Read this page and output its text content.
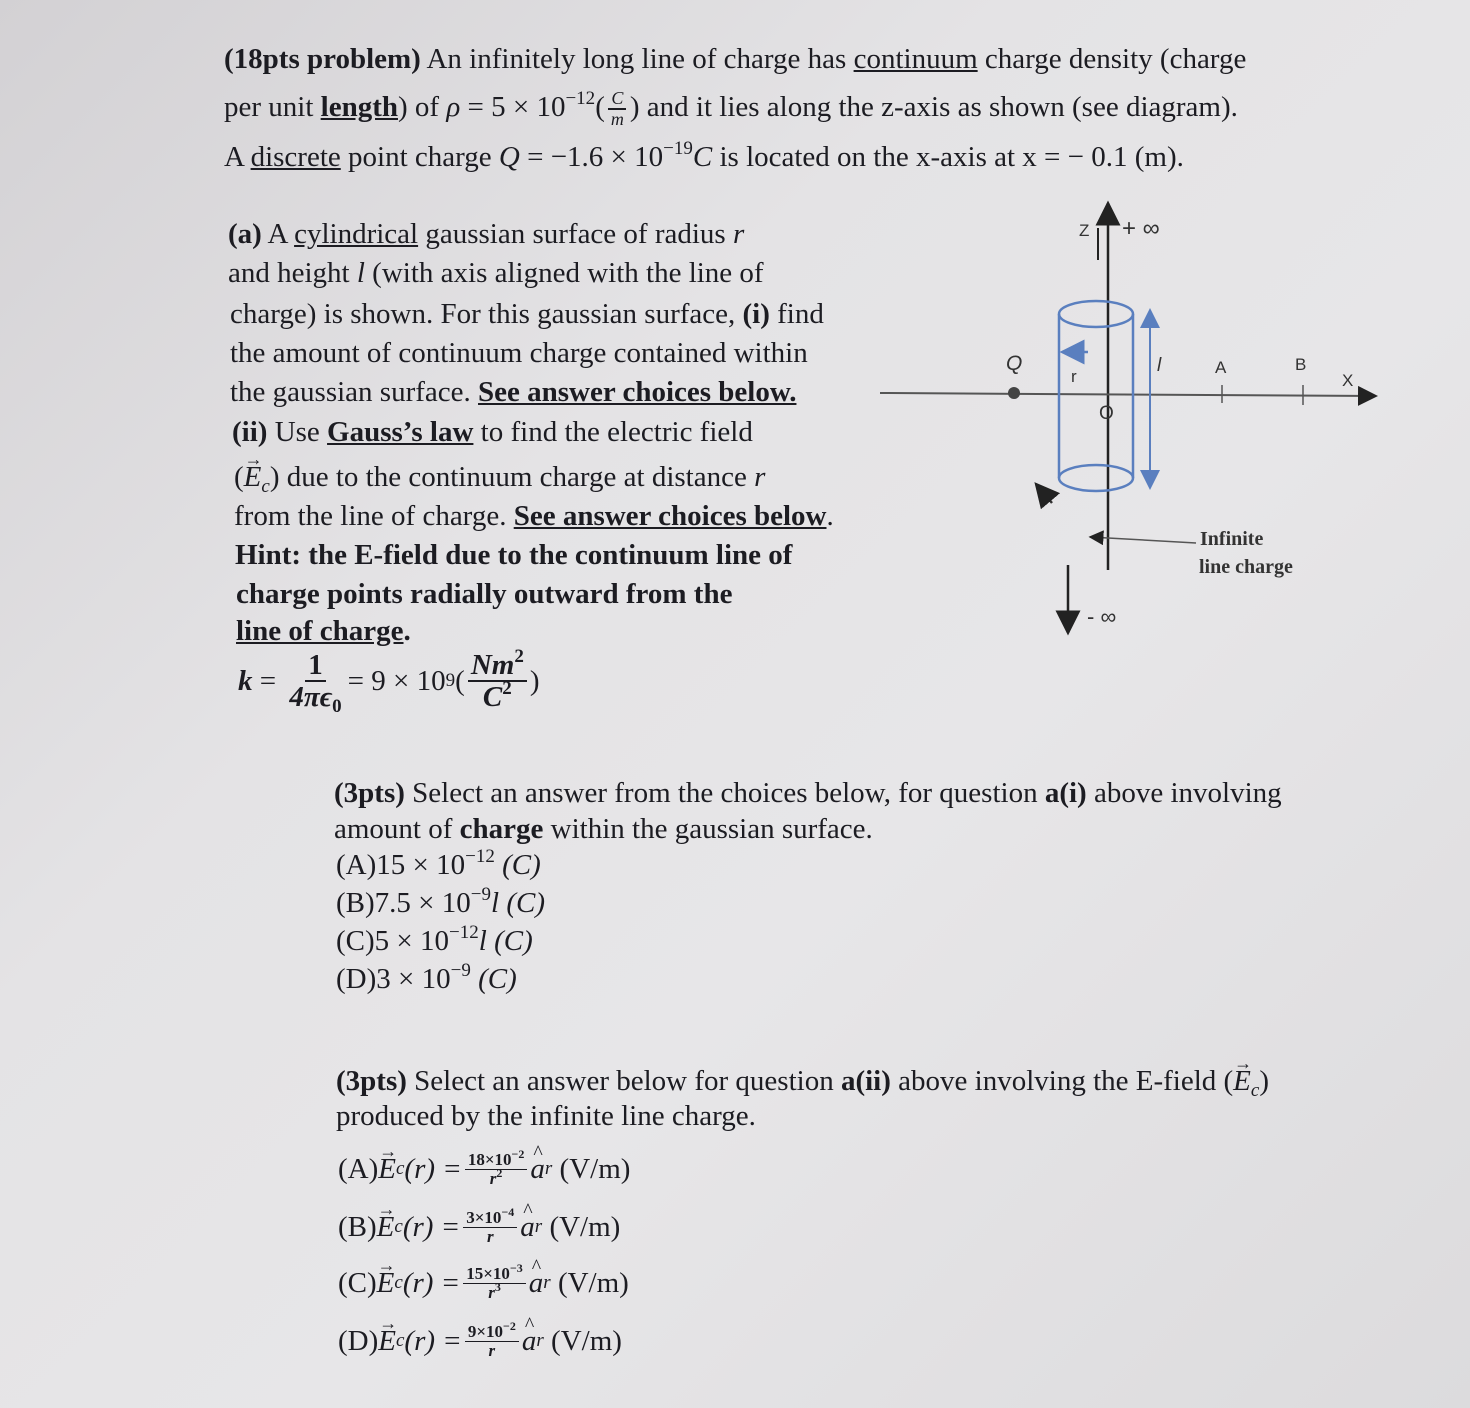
(18pts problem) An infinitely long line of charge has continuum charge density (charge
per unit length) of $\rho = 5 \times 10^{-12}( \frac{C}{m}$ ) and it lies along the z-axis as shown (see diagram).
A discrete point charge $Q = -1.6 \times 10^{-19}C$ is located on the x-axis at x = − 0.1 (m).
(a) A cylindrical gaussian surface of radius r
and height l (with axis aligned with the line of
charge) is shown. For this gaussian surface, (i) find
the amount of continuum charge contained within
the gaussian surface. See answer choices below.
(ii) Use Gauss’s law to find the electric field
(→ $E_c$) due to the continuum charge at distance r
from the line of charge. See answer choices below.
Hint: the E-field due to the continuum line of
charge points radially outward from the
line of charge.
$k = \frac{1}{4\pi\epsilon_0} = 9 \times 10$ 9 ( $\frac{Nm^2}{C^2}$ )
(3pts) Select an answer from the choices below, for question a(i) above involving
amount of charge within the gaussian surface.
$(A)15 \times 10^{-12}$ (C)
$(B)7.5 \times 10^{-9}l$ (C)
$(C)5 \times 10^{-12}l$ (C)
$(D)3 \times 10^{-9}$ (C)
(3pts) Select an answer below for question a(ii) above involving the E-field (→ $E_c$)
produced by the infinite line charge.
(A) → E c $(r) = \frac{18\times 10^{-2}}{r^2}$ ^ a r
(V/m)
(B) → E c $(r) = \frac{3\times 10^{-4}}{r}$ ^ a r
(V/m)
(C) → E c $(r) = \frac{15\times 10^{-3}}{r^3}$ ^ a r
(V/m)
(D) → E c $(r) = \frac{9\times 10^{-2}}{r}$ ^ a r
(V/m)
Z + ∞
- ∞
Q
r
l	A	B
X
O
Infinite
line charge
